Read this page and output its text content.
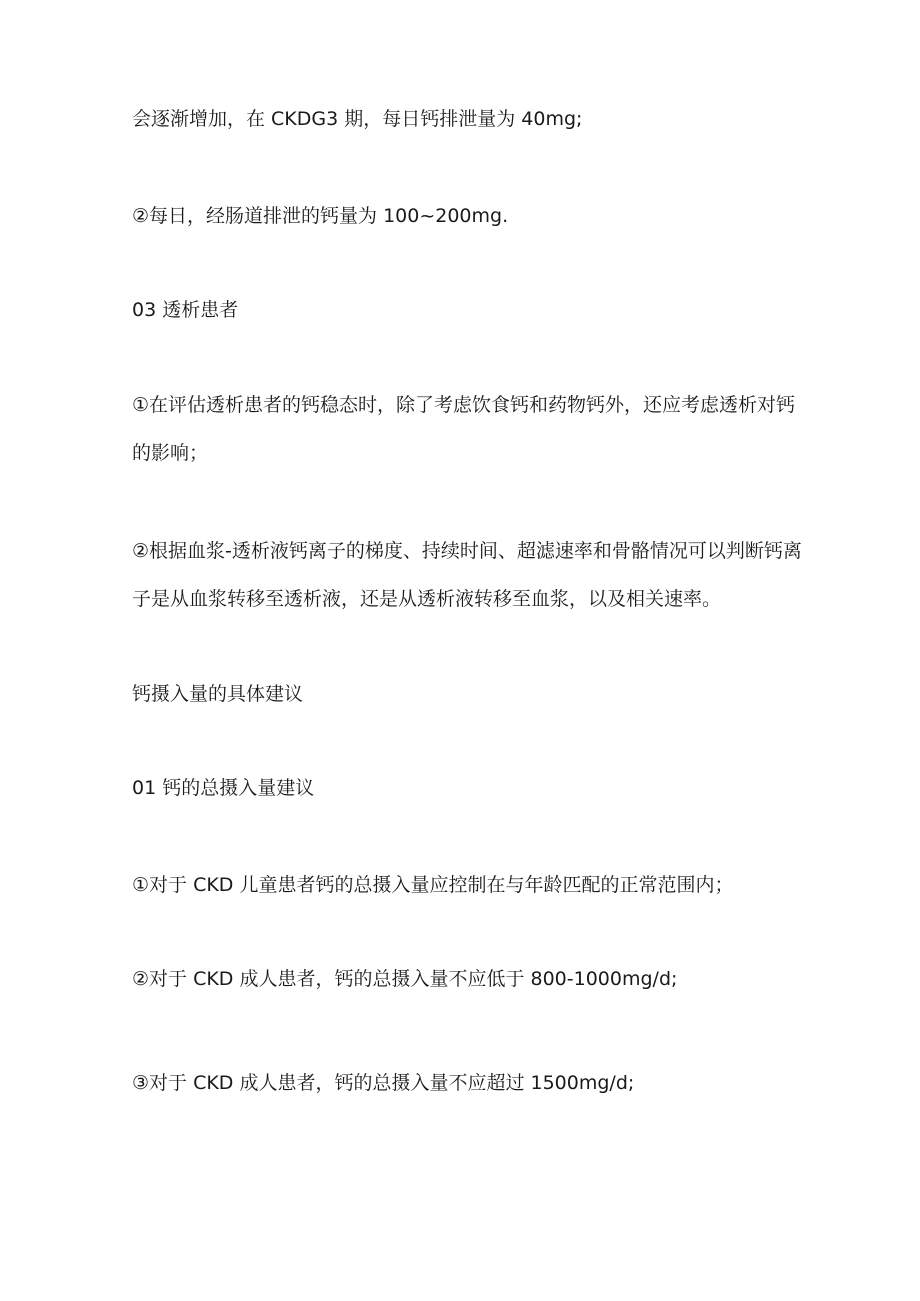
会逐渐增加，在 CKDG3 期，每日钙排泄量为 40mg;
②每日，经肠道排泄的钙量为 100~200mg.
03 透析患者
①在评估透析患者的钙稳态时，除了考虑饮食钙和药物钙外，还应考虑透析对钙
的影响；
②根据血浆-透析液钙离子的梯度、持续时间、超滤速率和骨骼情况可以判断钙离
子是从血浆转移至透析液，还是从透析液转移至血浆，以及相关速率。
钙摄入量的具体建议
01 钙的总摄入量建议
①对于 CKD 儿童患者钙的总摄入量应控制在与年龄匹配的正常范围内；
②对于 CKD 成人患者，钙的总摄入量不应低于 800-1000mg/d;
③对于 CKD 成人患者，钙的总摄入量不应超过 1500mg/d;
